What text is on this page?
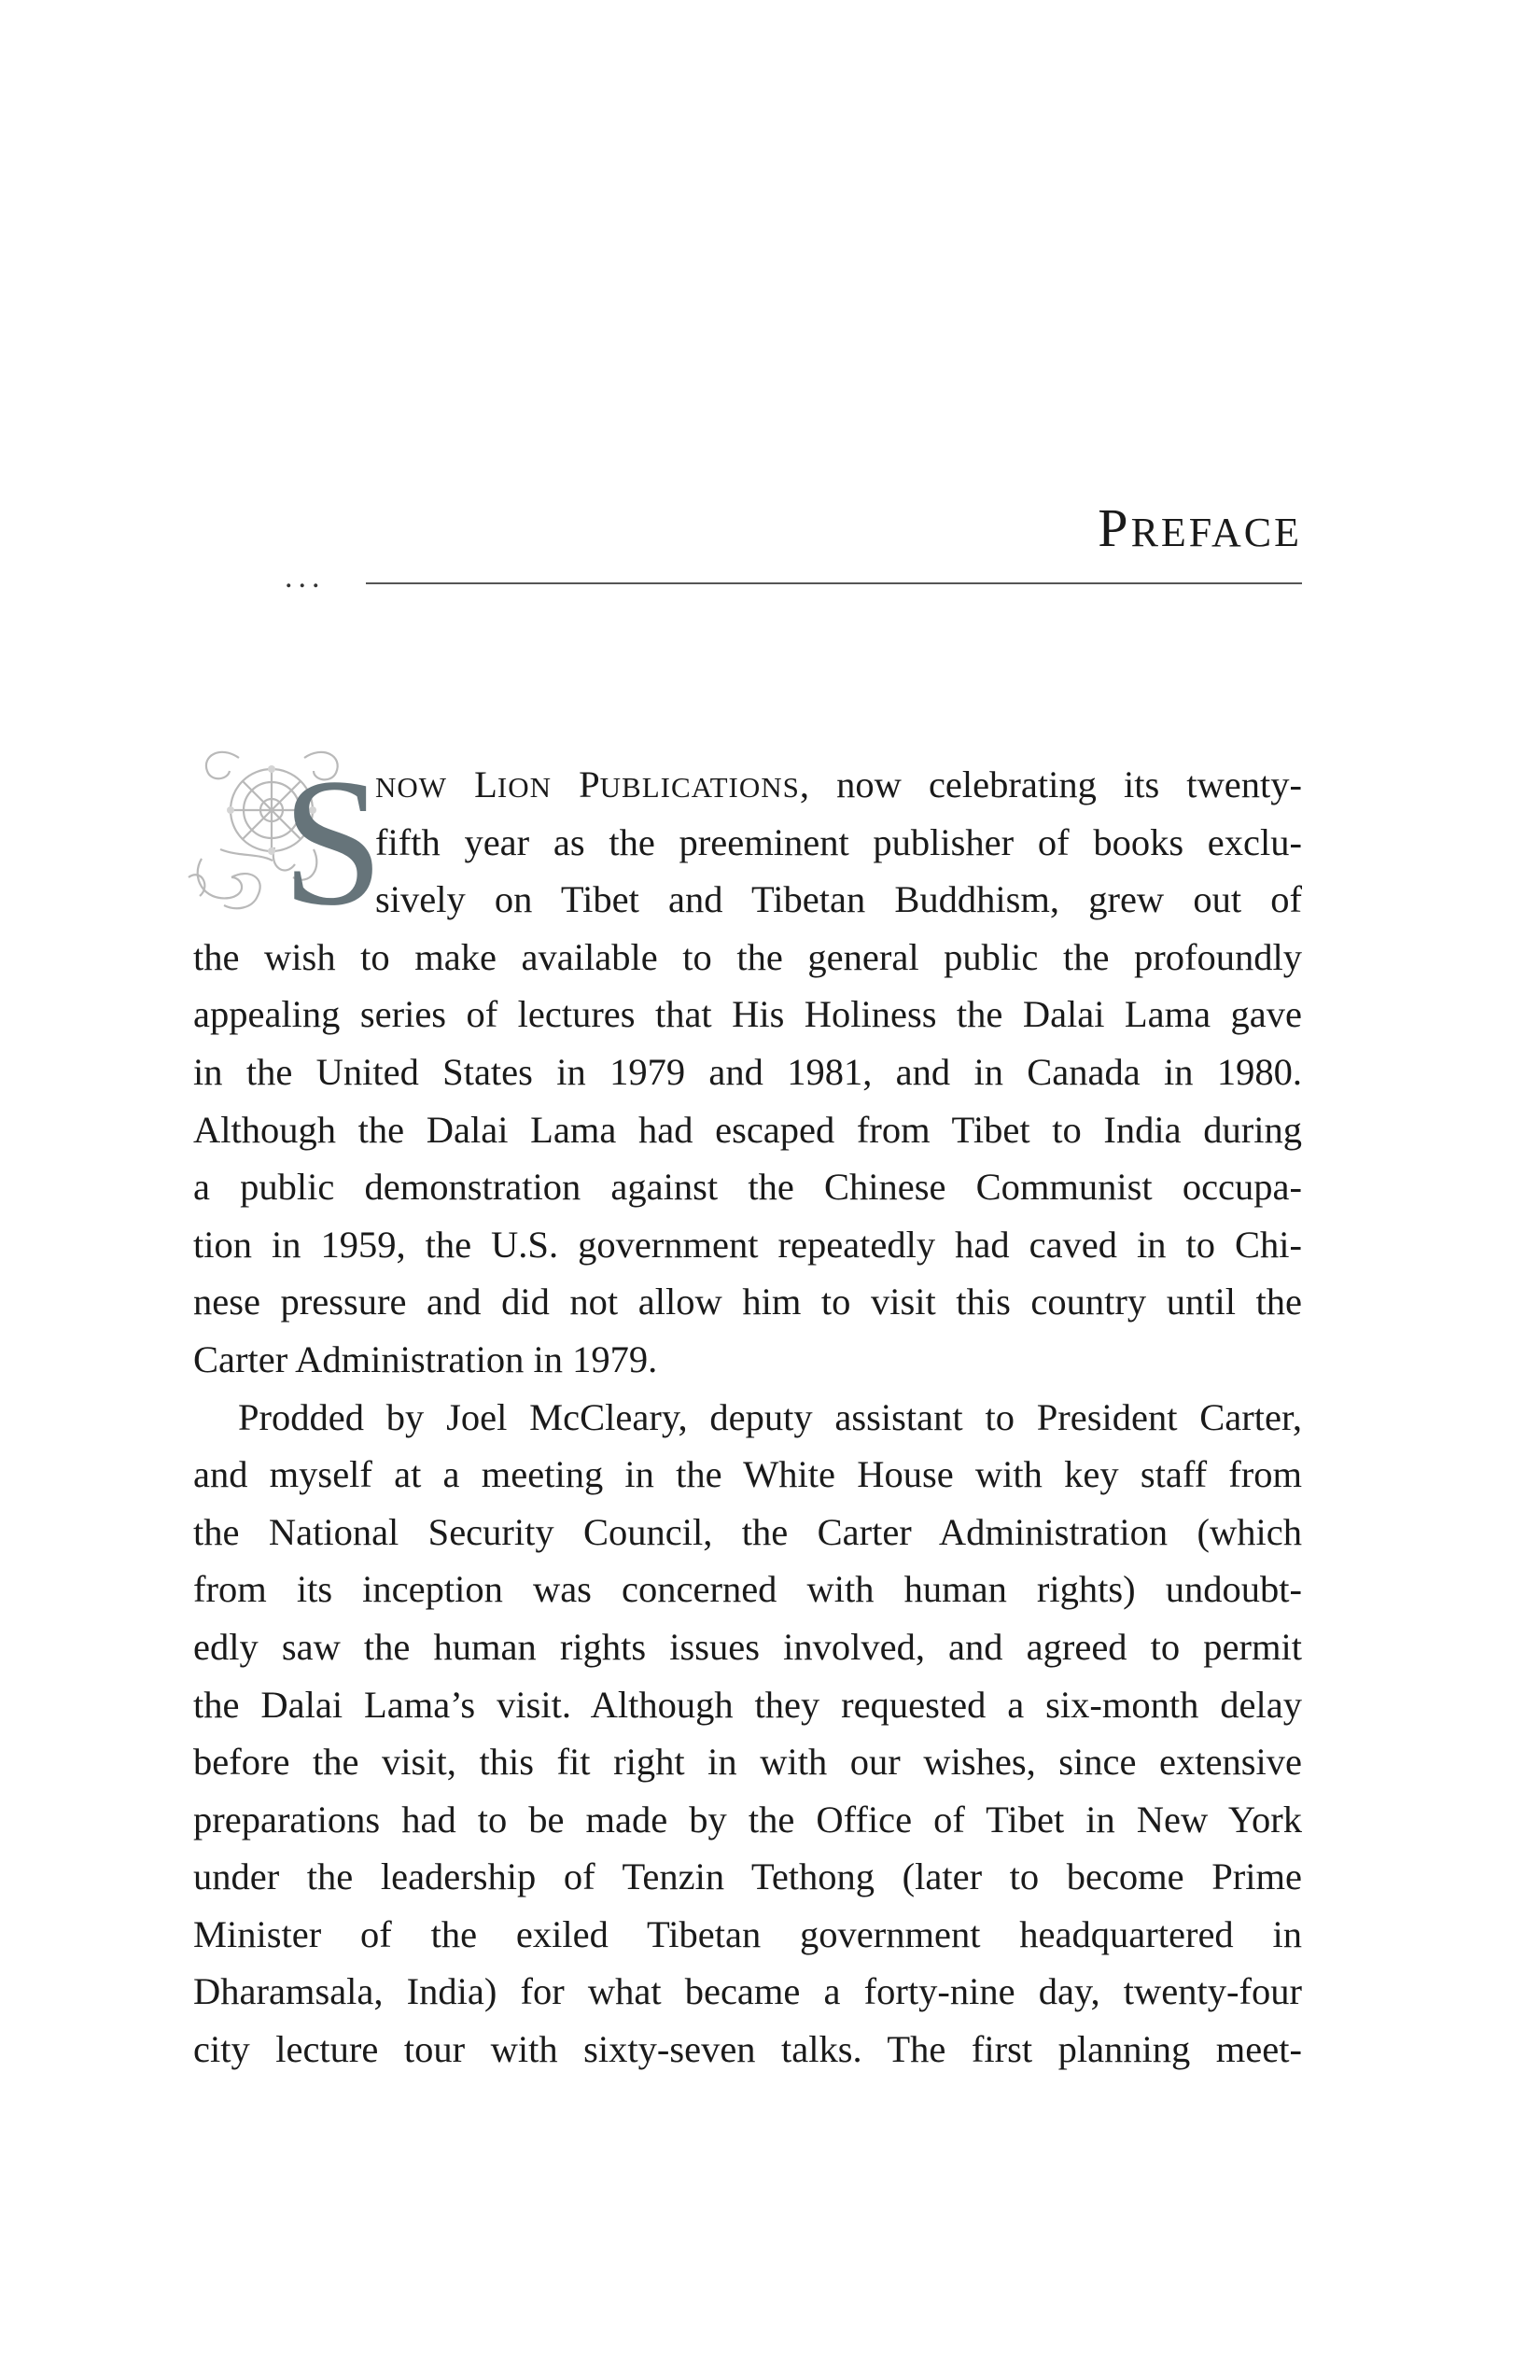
PREFACE
...
S
NOW LION PUBLICATIONS, now celebrating its twenty-
fifth year as the preeminent publisher of books exclu-
sively on Tibet and Tibetan Buddhism, grew out of
the wish to make available to the general public the profoundly
appealing series of lectures that His Holiness the Dalai Lama gave
in the United States in 1979 and 1981, and in Canada in 1980.
Although the Dalai Lama had escaped from Tibet to India during
a public demonstration against the Chinese Communist occupa-
tion in 1959, the U.S. government repeatedly had caved in to Chi-
nese pressure and did not allow him to visit this country until the
Carter Administration in 1979.
Prodded by Joel McCleary, deputy assistant to President Carter,
and myself at a meeting in the White House with key staff from
the National Security Council, the Carter Administration (which
from its inception was concerned with human rights) undoubt-
edly saw the human rights issues involved, and agreed to permit
the Dalai Lama’s visit. Although they requested a six-month delay
before the visit, this fit right in with our wishes, since extensive
preparations had to be made by the Office of Tibet in New York
under the leadership of Tenzin Tethong (later to become Prime
Minister of the exiled Tibetan government headquartered in
Dharamsala, India) for what became a forty-nine day, twenty-four
city lecture tour with sixty-seven talks. The first planning meet-
